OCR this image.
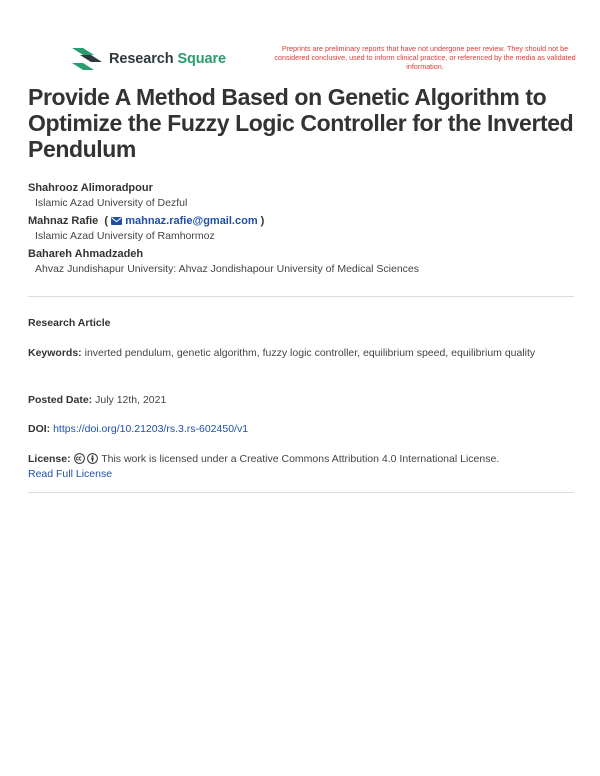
Research Square
Preprints are preliminary reports that have not undergone peer review. They should not be considered conclusive, used to inform clinical practice, or referenced by the media as validated information.
Provide A Method Based on Genetic Algorithm to Optimize the Fuzzy Logic Controller for the Inverted Pendulum
Shahrooz Alimoradpour
Islamic Azad University of Dezful
Mahnaz Rafie ( mahnaz.rafie@gmail.com )
Islamic Azad University of Ramhormoz
Bahareh Ahmadzadeh
Ahvaz Jundishapur University: Ahvaz Jondishapour University of Medical Sciences
Research Article
Keywords: inverted pendulum, genetic algorithm, fuzzy logic controller, equilibrium speed, equilibrium quality
Posted Date: July 12th, 2021
DOI: https://doi.org/10.21203/rs.3.rs-602450/v1
License:	This work is licensed under a Creative Commons Attribution 4.0 International License.
Read Full License
